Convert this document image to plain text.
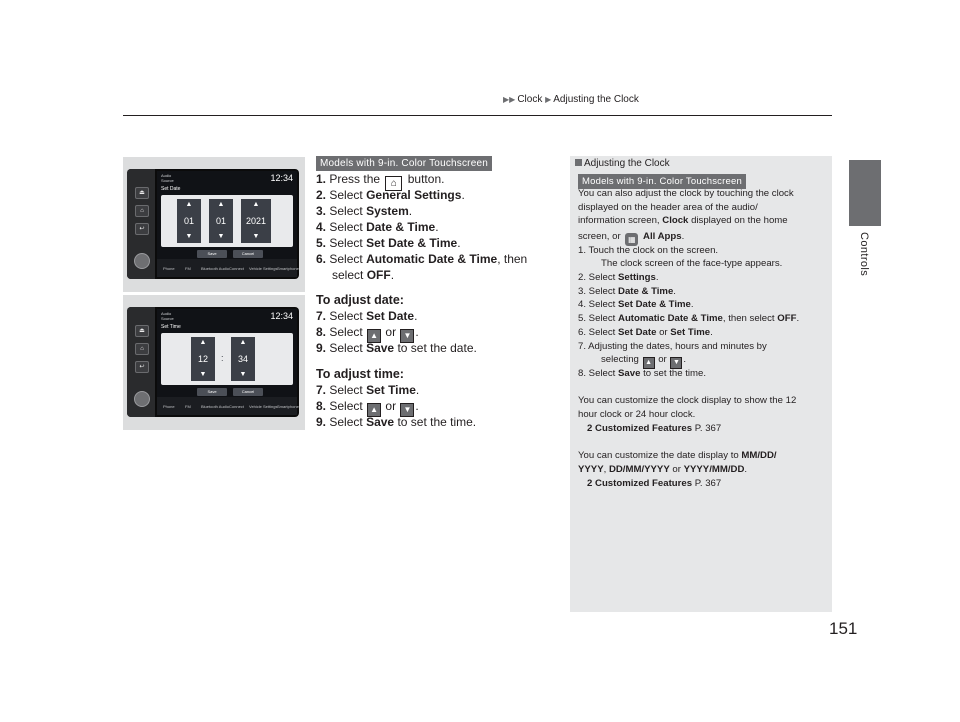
▶▶ Clock ▶ Adjusting the Clock
Controls
151
⏏
⌂
↩
Audio
Source	12:34
Set Date
▲
01
▼
▲
01
▼
▲
2021
▼
Save	Cancel
Phone	FM	Bluetooth Audio Connect Vehicle Settings Smartphone
⏏
⌂
↩
Audio
Source	12:34
Set Time
▲
12
▼
:
▲
34
▼
Save	Cancel
Phone	FM	Bluetooth Audio Connect Vehicle Settings Smartphone
Models with 9-in. Color Touchscreen
1. Press the ⌂ button.
2. Select General Settings.
3. Select System.
4. Select Date & Time.
5. Select Set Date & Time.
6. Select Automatic Date & Time, then
select OFF.
To adjust date:
7. Select Set Date.
8. Select ▲ or ▼ .
9. Select Save to set the date.
To adjust time:
7. Select Set Time.
8. Select ▲ or ▼ .
9. Select Save to set the time.
Adjusting the Clock
Models with 9-in. Color Touchscreen
You can also adjust the clock by touching the clock
displayed on the header area of the audio/
information screen, Clock displayed on the home
screen, or ▦ All Apps.
1. Touch the clock on the screen.
The clock screen of the face-type appears.
2. Select Settings.
3. Select Date & Time.
4. Select Set Date & Time.
5. Select Automatic Date & Time, then select OFF.
6. Select Set Date or Set Time.
7. Adjusting the dates, hours and minutes by
selecting ▲ or ▼ .
8. Select Save to set the time.
You can customize the clock display to show the 12
hour clock or 24 hour clock.
2 Customized Features P. 367
You can customize the date display to MM/DD/
YYYY, DD/MM/YYYY or YYYY/MM/DD.
2 Customized Features P. 367
